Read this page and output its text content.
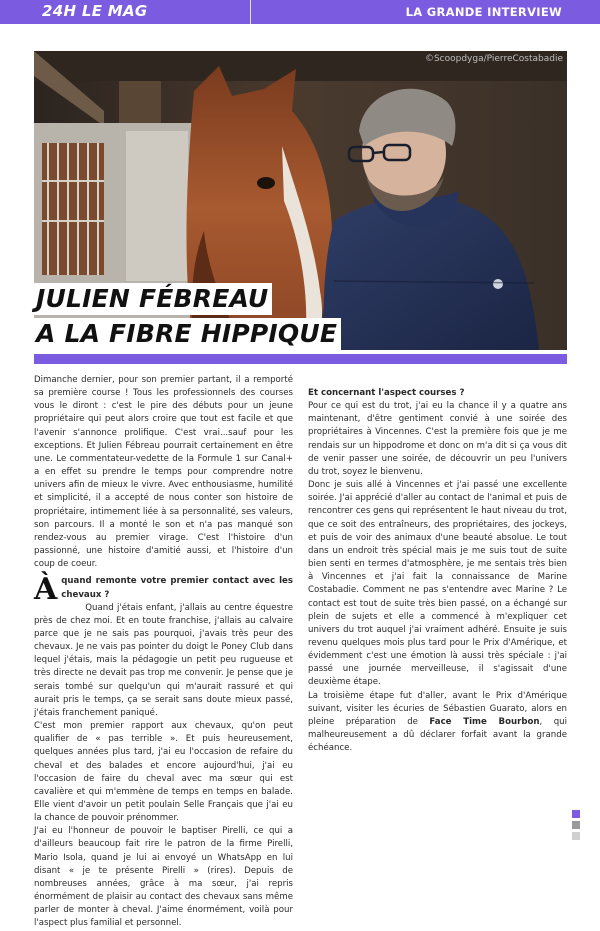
24H LE MAG	LA GRANDE INTERVIEW
©Scoopdyga/PierreCostabadie
JULIEN FÉBREAU
A LA FIBRE HIPPIQUE

Dimanche dernier, pour son premier partant, il a remporté sa première course ! Tous les professionnels des courses vous le diront : c'est le pire des débuts pour un jeune propriétaire qui peut alors croire que tout est facile et que l'avenir s'annonce prolifique. C'est vrai...sauf pour les exceptions. Et Julien Fébreau pourrait certainement en être une. Le commentateur-vedette de la Formule 1 sur Canal+ a en effet su prendre le temps pour comprendre notre univers afin de mieux le vivre. Avec enthousiasme, humilité et simplicité, il a accepté de nous conter son histoire de propriétaire, intimement liée à sa personnalité, ses valeurs, son parcours. Il a monté le son et n'a pas manqué son rendez-vous au premier virage. C'est l'histoire d'un passionné, une histoire d'amitié aussi, et l'histoire d'un coup de coeur.

À quand remonte votre premier contact avec les chevaux ?

Quand j'étais enfant, j'allais au centre équestre près de chez moi. Et en toute franchise, j'allais au calvaire parce que je ne sais pas pourquoi, j'avais très peur des chevaux. Je ne vais pas pointer du doigt le Poney Club dans lequel j'étais, mais la pédagogie un petit peu rugueuse et très directe ne devait pas trop me convenir. Je pense que je serais tombé sur quelqu'un qui m'aurait rassuré et qui aurait pris le temps, ça se serait sans doute mieux passé, j'étais franchement paniqué.

C'est mon premier rapport aux chevaux, qu'on peut qualifier de « pas terrible ». Et puis heureusement, quelques années plus tard, j'ai eu l'occasion de refaire du cheval et des balades et encore aujourd'hui, j'ai eu l'occasion de faire du cheval avec ma sœur qui est cavalière et qui m'emmène de temps en temps en balade. Elle vient d'avoir un petit poulain Selle Français que j'ai eu la chance de pouvoir prénommer.

J'ai eu l'honneur de pouvoir le baptiser Pirelli, ce qui a d'ailleurs beaucoup fait rire le patron de la firme Pirelli, Mario Isola, quand je lui ai envoyé un WhatsApp en lui disant « je te présente Pirelli » (rires). Depuis de nombreuses années, grâce à ma sœur, j'ai repris énormément de plaisir au contact des chevaux sans même parler de monter à cheval. J'aime énormément, voilà pour l'aspect plus familial et personnel.

Et concernant l'aspect courses ?

Pour ce qui est du trot, j'ai eu la chance il y a quatre ans maintenant, d'être gentiment convié à une soirée des propriétaires à Vincennes. C'est la première fois que je me rendais sur un hippodrome et donc on m'a dit si ça vous dit de venir passer une soirée, de découvrir un peu l'univers du trot, soyez le bienvenu.

Donc je suis allé à Vincennes et j'ai passé une excellente soirée. J'ai apprécié d'aller au contact de l'animal et puis de rencontrer ces gens qui représentent le haut niveau du trot, que ce soit des entraîneurs, des propriétaires, des jockeys, et puis de voir des animaux d'une beauté absolue. Le tout dans un endroit très spécial mais je me suis tout de suite bien senti en termes d'atmosphère, je me sentais très bien à Vincennes et j'ai fait la connaissance de Marine Costabadie. Comment ne pas s'entendre avec Marine ? Le contact est tout de suite très bien passé, on a échangé sur plein de sujets et elle a commencé à m'expliquer cet univers du trot auquel j'ai vraiment adhéré. Ensuite je suis revenu quelques mois plus tard pour le Prix d'Amérique, et évidemment c'est une émotion là aussi très spéciale : j'ai passé une journée merveilleuse, il s'agissait d'une deuxième étape.

La troisième étape fut d'aller, avant le Prix d'Amérique suivant, visiter les écuries de Sébastien Guarato, alors en pleine préparation de Face Time Bourbon, qui malheureusement a dû déclarer forfait avant la grande échéance.
